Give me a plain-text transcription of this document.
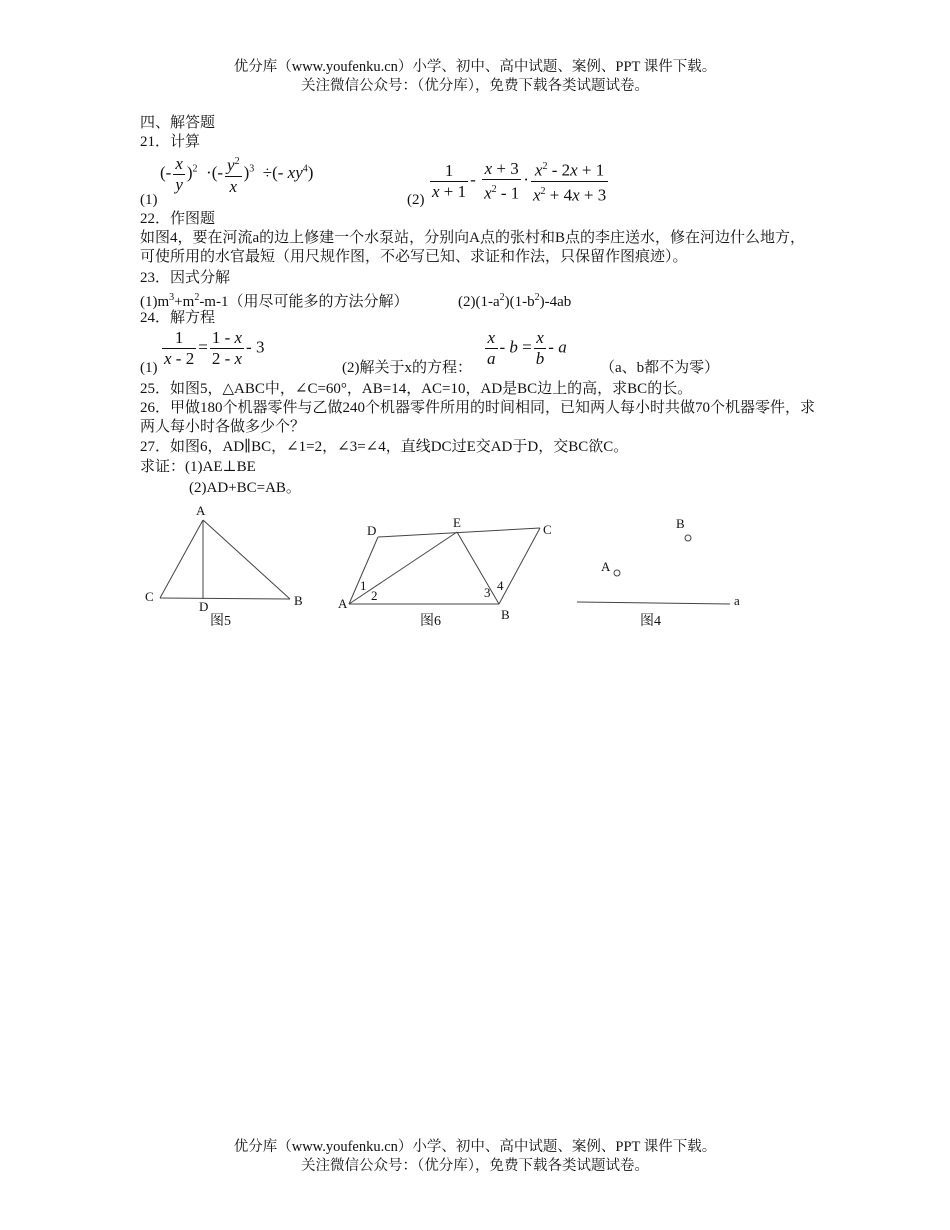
优分库（www.youfenku.cn）小学、初中、高中试题、案例、PPT 课件下载。
关注微信公众号：（优分库），免费下载各类试题试卷。
四、解答题
21．计算
(1)
(- $\frac{x}{y} )^2$  ·(- $\frac{y^2}{x} )^3$  ÷(- $xy^4$)
$(2) \frac{1}{x + 1} - \frac{x + 3}{x^2 - 1} \cdot \frac{x^2 - 2x + 1}{x^2 + 4x + 3}$
22．作图题
如图4，要在河流a的边上修建一个水泵站，分别向A点的张村和B点的李庄送水，修在河边什么地方，可使所用的水官最短（用尺规作图，不必写已知、求证和作法，只保留作图痕迹）。
23．因式分解
$(1)m^3+m^2-m-1$（用尽可能多的方法分解）	$(2)(1-a^2)(1-b^2)-4ab$
24．解方程
$(1) \frac{1}{x - 2} = \frac{1 - x}{2 - x} - 3$
(2)解关于x的方程： $\frac{x}{a} - b = \frac{x}{b} - a$
（a、b都不为零）
25．如图5，△ABC中，∠C=60°，AB=14，AC=10，AD是BC边上的高，求BC的长。
26．甲做180个机器零件与乙做240个机器零件所用的时间相同，已知两人每小时共做70个机器零件，求两人每小时各做多少个？
27．如图6，AD∥BC，∠1=2，∠3=∠4，直线DC过E交AD于D，交BC欲C。
求证：(1)AE⊥BE
(2)AD+BC=AB。
A
C
D	B
图5
D
E	C
1
2
A
3 4
B
图6
B
A
a
图4
优分库（www.youfenku.cn）小学、初中、高中试题、案例、PPT 课件下载。
关注微信公众号：（优分库），免费下载各类试题试卷。
